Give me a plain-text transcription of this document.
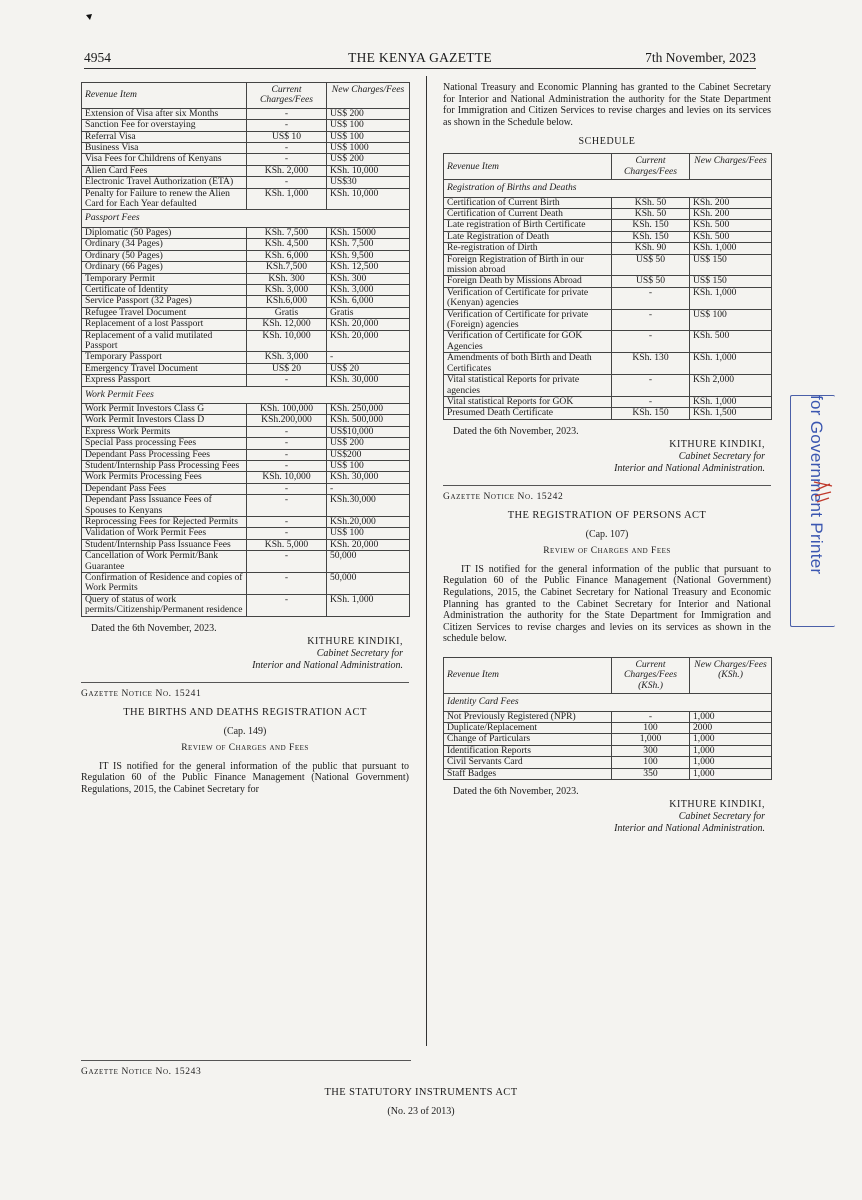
4954	THE KENYA GAZETTE	7th November, 2023
Revenue Item	Current Charges/Fees	New Charges/Fees
Extension of Visa after six Months	-	US$ 200
Sanction Fee for overstaying	-	US$ 100
Referral Visa	US$ 10	US$ 100
Business Visa	-	US$ 1000
Visa Fees for Childrens of Kenyans	-	US$ 200
Alien Card Fees	KSh. 2,000	KSh. 10,000
Electronic Travel Authorization (ETA)	-	US$30
Penalty for Failure to renew the Alien Card for Each Year defaulted	KSh. 1,000	KSh. 10,000
Passport Fees		
Diplomatic (50 Pages)	KSh. 7,500	KSh. 15000
Ordinary (34 Pages)	KSh. 4,500	KSh. 7,500
Ordinary (50 Pages)	KSh. 6,000	KSh. 9,500
Ordinary (66 Pages)	KSh.7,500	KSh. 12,500
Temporary Permit	KSh. 300	KSh. 300
Certificate of Identity	KSh. 3,000	KSh. 3,000
Service Passport (32 Pages)	KSh.6,000	KSh. 6,000
Refugee Travel Document	Gratis	Gratis
Replacement of a lost Passport	KSh. 12,000	KSh. 20,000
Replacement of a valid mutilated Passport	KSh. 10,000	KSh. 20,000
Temporary Passport	KSh. 3,000	-
Emergency Travel Document	US$ 20	US$ 20
Express Passport	-	KSh. 30,000
Work Permit Fees		
Work Permit Investors Class G	KSh. 100,000	KSh. 250,000
Work Permit Investors Class D	KSh.200,000	KSh. 500,000
Express Work Permits	-	US$10,000
Special Pass processing Fees	-	US$ 200
Dependant Pass Processing Fees	-	US$200
Student/Internship Pass Processing Fees	-	US$ 100
Work Permits Processing Fees	KSh. 10,000	KSh. 30,000
Dependant Pass Fees	-	-
Dependant Pass Issuance Fees of Spouses to Kenyans	-	KSh.30,000
Reprocessing Fees for Rejected Permits	-	KSh.20,000
Validation of Work Permit Fees	-	US$ 100
Student/Internship Pass Issuance Fees	KSh. 5,000	KSh. 20,000
Cancellation of Work Permit/Bank Guarantee	-	50,000
Confirmation of Residence and copies of Work Permits	-	50,000
Query of status of work permits/Citizenship/Permanent residence	-	KSh. 1,000
Dated the 6th November, 2023.
KITHURE KINDIKI,
Cabinet Secretary for
Interior and National Administration.
Gazette Notice No. 15241
THE BIRTHS AND DEATHS REGISTRATION ACT
(Cap. 149)
Review of Charges and Fees
IT IS notified for the general information of the public that pursuant to Regulation 60 of the Public Finance Management (National Government) Regulations, 2015, the Cabinet Secretary for
National Treasury and Economic Planning has granted to the Cabinet Secretary for Interior and National Administration the authority for the State Department for Immigration and Citizen Services to revise charges and levies on its services as shown in the Schedule below.
SCHEDULE
Revenue Item	Current Charges/Fees	New Charges/Fees
Registration of Births and Deaths		
Certification of Current Birth	KSh. 50	KSh. 200
Certification of Current Death	KSh. 50	KSh. 200
Late registration of Birth Certificate	KSh. 150	KSh. 500
Late Registration of Death	KSh. 150	KSh. 500
Re-registration of Dirth	KSh. 90	KSh. 1,000
Foreign Registration of Birth in our mission abroad	US$ 50	US$ 150
Foreign Death by Missions Abroad	US$ 50	US$ 150
Verification of Certificate for private (Kenyan) agencies	-	KSh. 1,000
Verification of Certificate for private (Foreign) agencies	-	US$ 100
Verification of Certificate for GOK Agencies	-	KSh. 500
Amendments of both Birth and Death Certificates	KSh. 130	KSh. 1,000
Vital statistical Reports for private agencies	-	KSh 2,000
Vital statistical Reports for GOK	-	KSh. 1,000
Presumed Death Certificate	KSh. 150	KSh. 1,500
Dated the 6th November, 2023.
KITHURE KINDIKI,
Cabinet Secretary for
Interior and National Administration.
Gazette Notice No. 15242
THE REGISTRATION OF PERSONS ACT
(Cap. 107)
Review of Charges and Fees
IT IS notified for the general information of the public that pursuant to Regulation 60 of the Public Finance Management (National Government) Regulations, 2015, the Cabinet Secretary for National Treasury and Economic Planning has granted to the Cabinet Secretary for Interior and National Administration the authority for the State Department for Immigration and Citizen Services to revise charges and levies on its services as shown in the schedule below.
Revenue Item	Current Charges/Fees (KSh.)	New Charges/Fees (KSh.)
Identity Card Fees		
Not Previously Registered (NPR)	-	1,000
Duplicate/Replacement	100	2000
Change of Particulars	1,000	1,000
Identification Reports	300	1,000
Civil Servants Card	100	1,000
Staff Badges	350	1,000
Dated the 6th November, 2023.
KITHURE KINDIKI,
Cabinet Secretary for
Interior and National Administration.
Gazette Notice No. 15243
THE STATUTORY INSTRUMENTS ACT
(No. 23 of 2013)
for Government Printer
